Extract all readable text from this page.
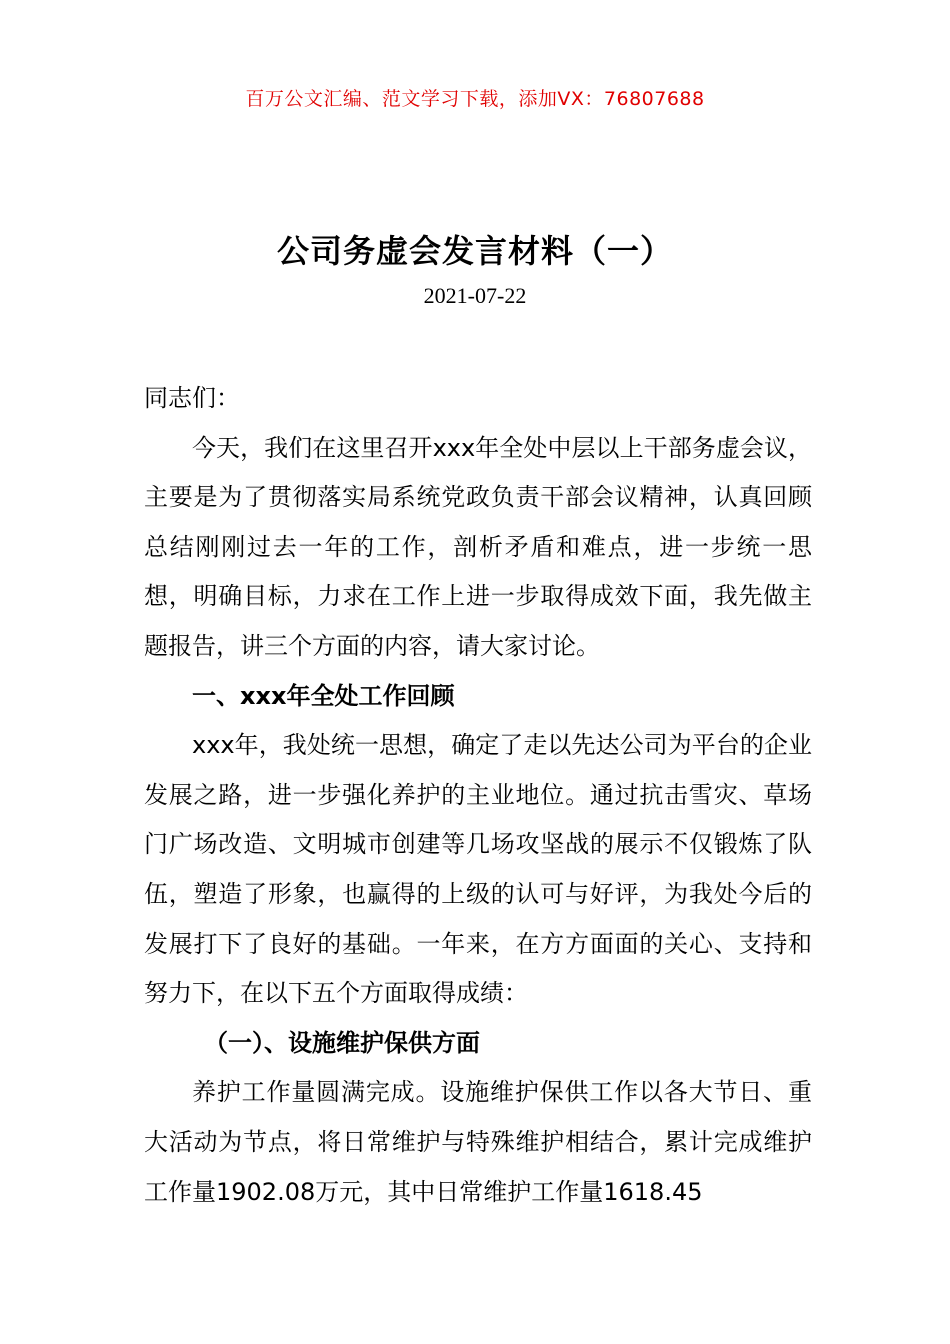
百万公文汇编、范文学习下载，添加VX：76807688
公司务虚会发言材料（一）
2021-07-22

同志们：

今天，我们在这里召开xxx年全处中层以上干部务虚会议，主要是为了贯彻落实局系统党政负责干部会议精神，认真回顾总结刚刚过去一年的工作，剖析矛盾和难点，进一步统一思想，明确目标，力求在工作上进一步取得成效下面，我先做主题报告，讲三个方面的内容，请大家讨论。

一、xxx年全处工作回顾

xxx年，我处统一思想，确定了走以先达公司为平台的企业发展之路，进一步强化养护的主业地位。通过抗击雪灾、草场门广场改造、文明城市创建等几场攻坚战的展示不仅锻炼了队伍，塑造了形象，也赢得的上级的认可与好评，为我处今后的发展打下了良好的基础。一年来，在方方面面的关心、支持和努力下，在以下五个方面取得成绩：

（一）、设施维护保供方面

养护工作量圆满完成。设施维护保供工作以各大节日、重大活动为节点，将日常维护与特殊维护相结合，累计完成维护工作量1902.08万元，其中日常维护工作量1618.45
